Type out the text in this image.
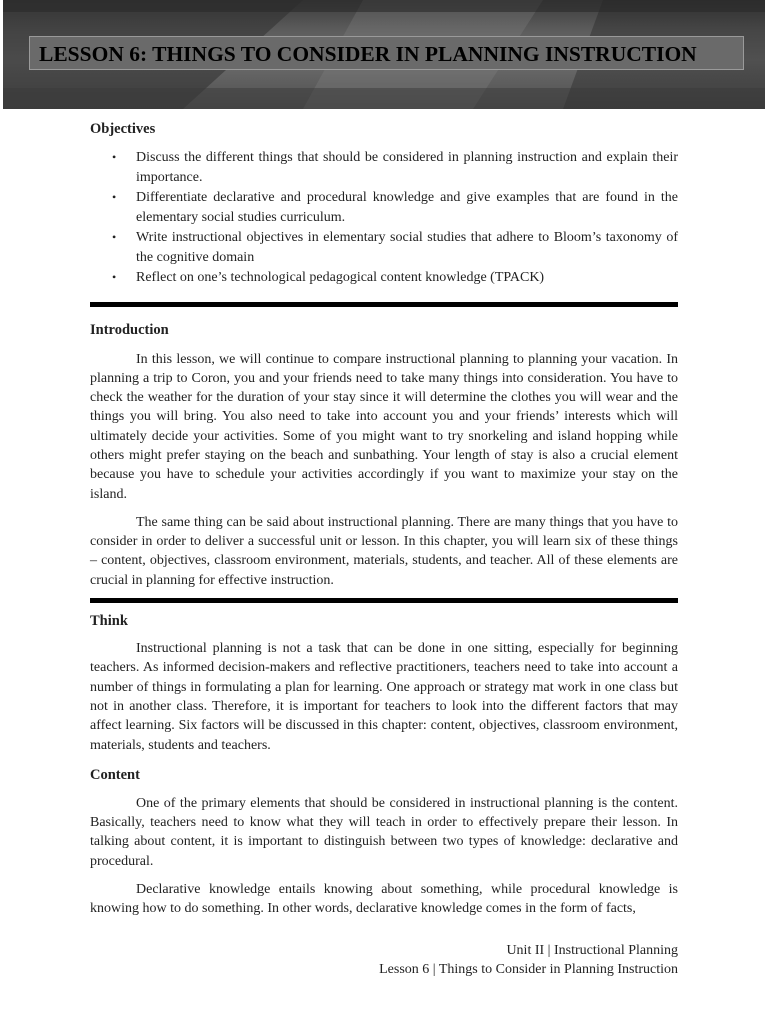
LESSON 6: THINGS TO CONSIDER IN PLANNING INSTRUCTION
Objectives
• Discuss the different things that should be considered in planning instruction and explain their importance.
• Differentiate declarative and procedural knowledge and give examples that are found in the elementary social studies curriculum.
• Write instructional objectives in elementary social studies that adhere to Bloom’s taxonomy of the cognitive domain
• Reflect on one’s technological pedagogical content knowledge (TPACK)
Introduction

In this lesson, we will continue to compare instructional planning to planning your vacation. In planning a trip to Coron, you and your friends need to take many things into consideration. You have to check the weather for the duration of your stay since it will determine the clothes you will wear and the things you will bring. You also need to take into account you and your friends’ interests which will ultimately decide your activities. Some of you might want to try snorkeling and island hopping while others might prefer staying on the beach and sunbathing. Your length of stay is also a crucial element because you have to schedule your activities accordingly if you want to maximize your stay on the island.

The same thing can be said about instructional planning. There are many things that you have to consider in order to deliver a successful unit or lesson. In this chapter, you will learn six of these things – content, objectives, classroom environment, materials, students, and teacher. All of these elements are crucial in planning for effective instruction.

Think

Instructional planning is not a task that can be done in one sitting, especially for beginning teachers. As informed decision-makers and reflective practitioners, teachers need to take into account a number of things in formulating a plan for learning. One approach or strategy mat work in one class but not in another class. Therefore, it is important for teachers to look into the different factors that may affect learning. Six factors will be discussed in this chapter: content, objectives, classroom environment, materials, students and teachers.

Content

One of the primary elements that should be considered in instructional planning is the content. Basically, teachers need to know what they will teach in order to effectively prepare their lesson. In talking about content, it is important to distinguish between two types of knowledge: declarative and procedural.

Declarative knowledge entails knowing about something, while procedural knowledge is knowing how to do something. In other words, declarative knowledge comes in the form of facts,

Unit II | Instructional Planning
Lesson 6 | Things to Consider in Planning Instruction
